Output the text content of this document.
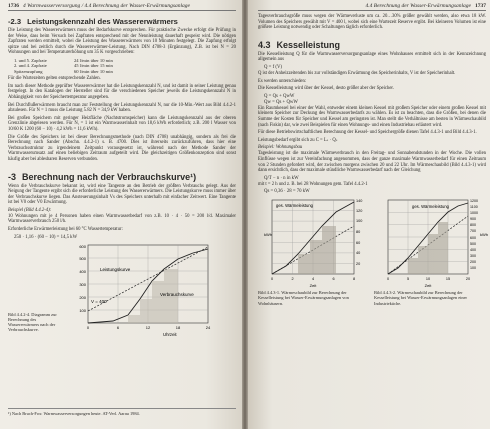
1736 4 Warmwasserversorgung / 4.4 Berechnung der Wasser-Erwärmungsanlage
-2.3 Leistungskennzahl des Wassererwärmers

Die Leistung des Wassererwärmers muss der Bedarfskurve entsprechen. Für praktische Zwecke erfolgt die Prüfung in der Weise, dass beim Versuch bei Zapfraten entsprechend mit der Nennleistung dauerhaft gespeist wird. Die nötigen Zapfraten werden ermittelt, wobei die Leistung des Wassererwärmers von 10 Minuten festgelegt. Die Zapfung erfolgt spitze und bei zeitlich durch die Wassererwärmer-Leistung. Nach DIN 4708-3 (Ergänzung), Z.B. ist bei N = 20 Wohnungen und bei Temperaturerhöhung um 35 K vorgeschrieben:

1. und 5. Zapfrate	24 l/min über 10 min
2. und 4. Zapfrate	45 l/min über 15 min
Spitzenzapfung	60 l/min über 10 min

Für die Wartezeiten gelten entsprechende Zahlen.

Im nach dieser Methode geprüfter Wassererwärmer hat die Leistungskennzahl N, und ist damit in seiner Leistung genau festgelegt. In den Katalogen der Hersteller sind für die verschiedenen Speicher jeweils die Leistungskennzahl N in Abhängigkeit von der Speichertemperatur angegeben.

Bei Durchflußerwärmern braucht man zur Feststellung der Leistungskennzahl N, nur die 10-Min.-Wert aus Bild 4.4.2-1 abzulesen. Für N = 1 muss die Leistung 5.82 N = 34,9 kW haben.

Bei großen Speichern mit geringer Heizfläche (Nachtstromspeicher) kann die Leistungskennzahl aus der oberen Grenzlinie abgelesen werden. Für N, = 1 ist ein Warmwasserinhalt von 18,6 kWh erforderlich; z.B. 200 l Wasser von 10/60 K 1200 (60 − 10) · 4,2 kWh = 11,6 kWh).

Die Größe des Speichers ist bei dieser Berechnungsmethode (nach DIN 4708) unabhängig, sondern als frei die Berechnung nach Sander (Abschn. 4.4.2-1) s. B. 4700. Dies ist ihrerseits zurückzuführen, dass hier eine Verbrauchsstruktur zu irgendeinem Zeitpunkt vorausgesetzt ist, während nach der Methode Sander der Warmwasserumsatz auf einen beliebigen Zeitraum aufgeteilt wird. Die gleichzeitigen Größenkonzeption sind sonst häufig aber bei ablesbaren Reserven verbunden.

-3 Berechnung nach der Verbrauchskurve¹)

Wenn die Verbrauchskurve bekannt ist, wird eine Tangente an den Betrieb der größten Verbrauchs gelegt. Aus der Neigung der Tangente ergibt sich die erforderliche Leistung des Wassererwärmers. Die Leistungskurve muss immer über der Verbrauchskurve liegen. Das Ansteuerungsinhalt Vs des Speichers unterhalb mit einfacher Zeitwert. Eine Tangente ist bei V0 oder V0 Erwärmung.

Beispiel (Bild 4.4.2-4):

10 Wohnungen mit je 4 Personen haben einen Warmwasserbedarf von z.B. 10 · 4 · 50 = 200 l/d. Maximaler Warmwasserverbrauch 250 l/h.

Erforderliche Erwärmerleistung bei 60 °C Wassertemperatur:

250 · 1,16 · (60 − 10) = 14,5 kW
Leistungskurve
Verbrauchskurve
V = 400
100
200
300
400
500
600
0	6	12	18	24
Uhrzeit
Bild 4.4.2-4. Diagramm zur Berechnung des Wassererwärmers nach der Verbrauchskurve.
¹) Nach Bruch-Fox: Warmwasserversorgungen heute. AT-Verl. Aarau 1984.
4.4 Berechnung der Wasser-Erwärmungsanlage 1737

Tagesverbrauchsgröße muss wegen der Wärmeverluste um ca. 20…30% größer gewählt werden, also etwa 18 kW. Volumen des Speichers gewählt mit V = 400 l, wobei sich eine Wartezeit Reserve ergibt. Bei kleineren Volumen ist eine größere Leistung notwendig oder Schaltungen täglich erforderlich.

4.3 Kesselleistung

Die Kesselleistung Q für die Warmwasserversorgungsanlage eines Wohnhauses ermittelt sich in der Kennzeichnung allgemein aus

Q = f (V)

Q ist der Anheizzeitenden bis zur vollständigen Erwärmung des Speicherinhalts, V ist der Speicherinhalt.

Es werden unterschieden:

Die Kesselleistung wird über der Kessel, desto größer aber der Speicher.

Q = Qs + QwW
Qw = Qs + QwW

Ein Raumkessel bei einer der Wahl, entweder einem kleinen Kessel mit großem Speicher oder einem großen Kessel mit kleinem Speicher zur Deckung des Warmwasserbedarfs zu wählen. Es ist zu beachten, dass die Größen, bei denen die Summe der Kosten für Speicher und Kessel am geringsten ist. Man stellt die Verhältnisse am besten in Wärmeschaubild (nach Fiskin) dar, wie zwei Beispielen für einen Wohnungs- und einen Industriebau erläutert wird.

Für diese Betriebswirtschaftlichen Berechnung der Kessel- und Speichergröße dienen Tafel 4.4.3-1 und Bild 4.4.3-1.

Leistungsbedarf ergibt sich zu C = Lₛ · Qₛ

Beispiel: Wohnungsbau

Tagesleistung ist die maximale Wärmeverbrauch in den Freitag- und Sonnabendstunden in der Woche. Die vollen Einflüsse wegen ist zur Vereinfachung angenommen, dass der ganze maximale Warmwasserbedarf für einen Zeitraum von 2 Stunden gefordert wird, der zwischen morgens zwischen 20 und 22 Uhr. Im Wärmeschaubild (Bild 4.4.3-1) wird dann ersichtlich, dass der maximale stündliche Warmwasserbedarf nach der Gleichung

Q/T − n · n in kW

mit t = 2 h und z. B. bei 28 Wohnungen gem. Tafel 4.4.2-1

Qs = 0,36 · 28 = 70 kW
ges. Wärmeleistung
20
40
60
80
100
120
140
kWh
0	2	4	6	8
Zeit
ges. Wärmeleistung
100
200
300
400
500
600
700
800
900
1000
1100
1200
kWh
0	5	10	15	20
Zeit
Bild 4.4.3-1. Wärmeschaubild zur Berechnung der Kesselleistung bei Wasser-Erwärmungsanlagen von Wohnhäusern.
Bild 4.4.3-2. Wärmeschaubild zur Berechnung der Kesselleistung bei Wasser-Erwärmungsanlagen einer Industrieküche.
